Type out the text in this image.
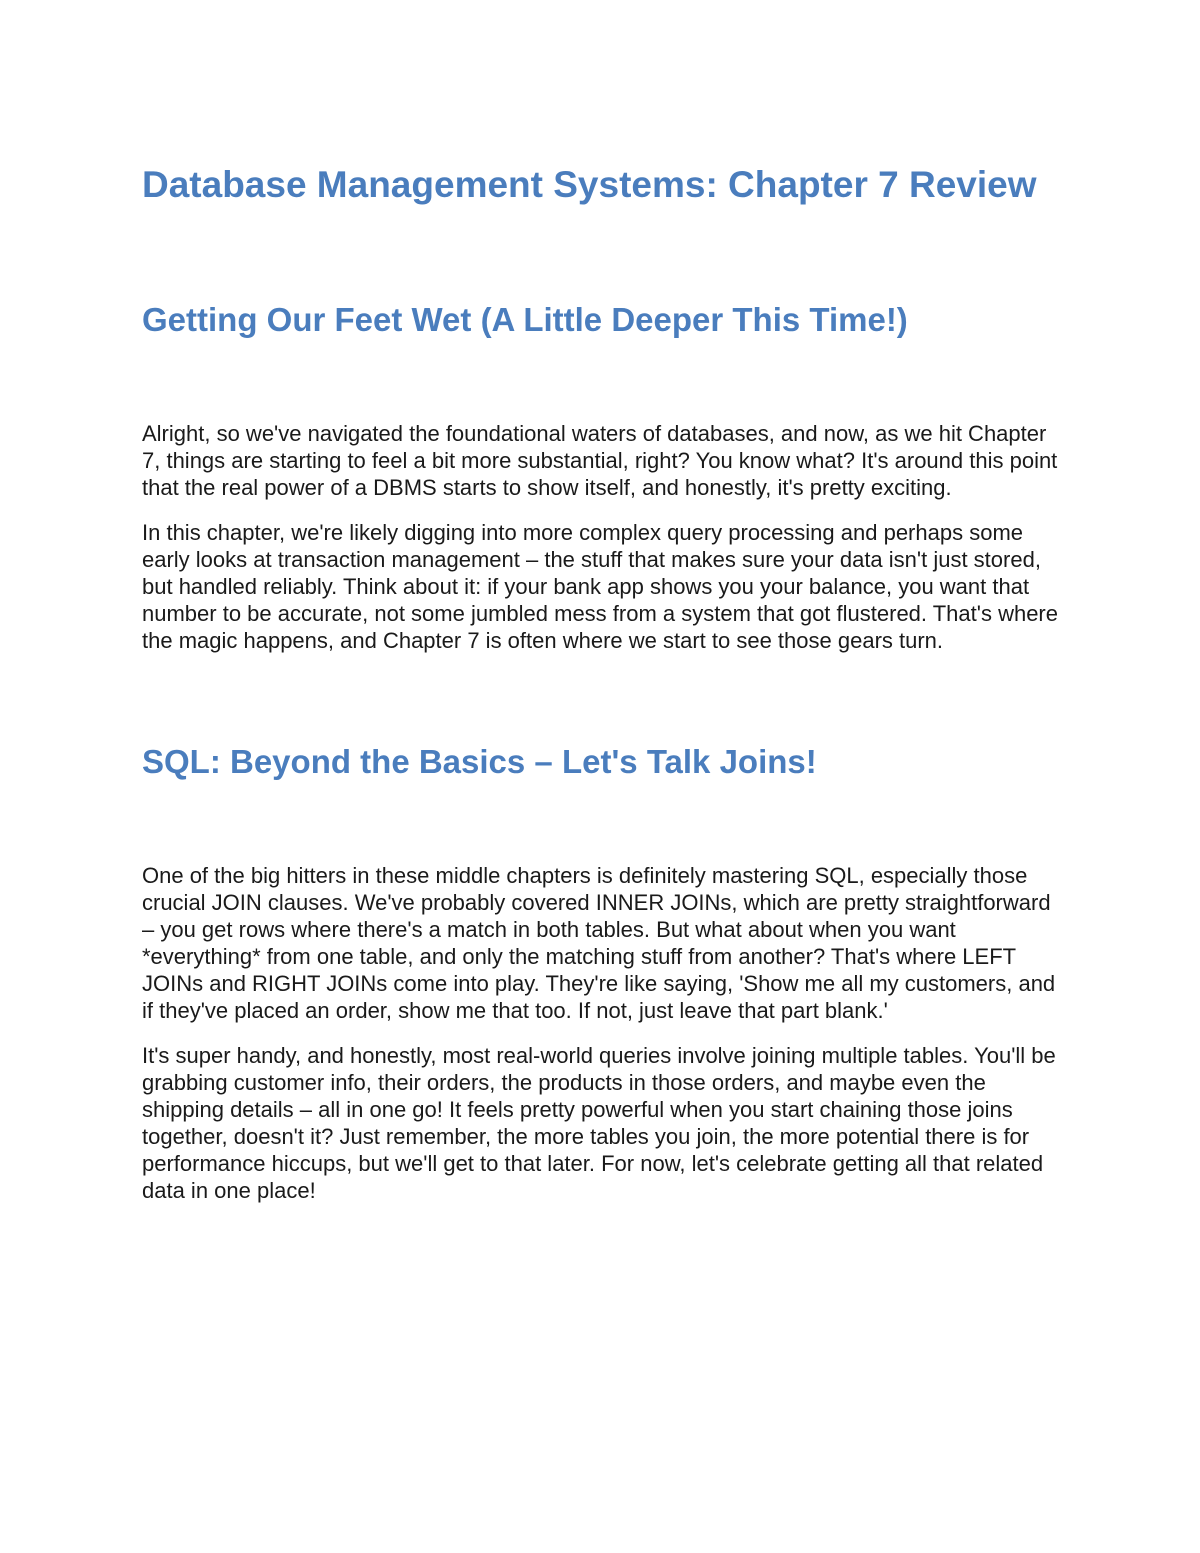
Database Management Systems: Chapter 7 Review
Getting Our Feet Wet (A Little Deeper This Time!)

Alright, so we've navigated the foundational waters of databases, and now, as we hit Chapter 7, things are starting to feel a bit more substantial, right? You know what? It's around this point that the real power of a DBMS starts to show itself, and honestly, it's pretty exciting.

In this chapter, we're likely digging into more complex query processing and perhaps some early looks at transaction management – the stuff that makes sure your data isn't just stored, but handled reliably. Think about it: if your bank app shows you your balance, you want that number to be accurate, not some jumbled mess from a system that got flustered. That's where the magic happens, and Chapter 7 is often where we start to see those gears turn.

SQL: Beyond the Basics – Let's Talk Joins!

One of the big hitters in these middle chapters is definitely mastering SQL, especially those crucial JOIN clauses. We've probably covered INNER JOINs, which are pretty straightforward – you get rows where there's a match in both tables. But what about when you want *everything* from one table, and only the matching stuff from another? That's where LEFT JOINs and RIGHT JOINs come into play. They're like saying, 'Show me all my customers, and if they've placed an order, show me that too. If not, just leave that part blank.'

It's super handy, and honestly, most real-world queries involve joining multiple tables. You'll be grabbing customer info, their orders, the products in those orders, and maybe even the shipping details – all in one go! It feels pretty powerful when you start chaining those joins together, doesn't it? Just remember, the more tables you join, the more potential there is for performance hiccups, but we'll get to that later. For now, let's celebrate getting all that related data in one place!
